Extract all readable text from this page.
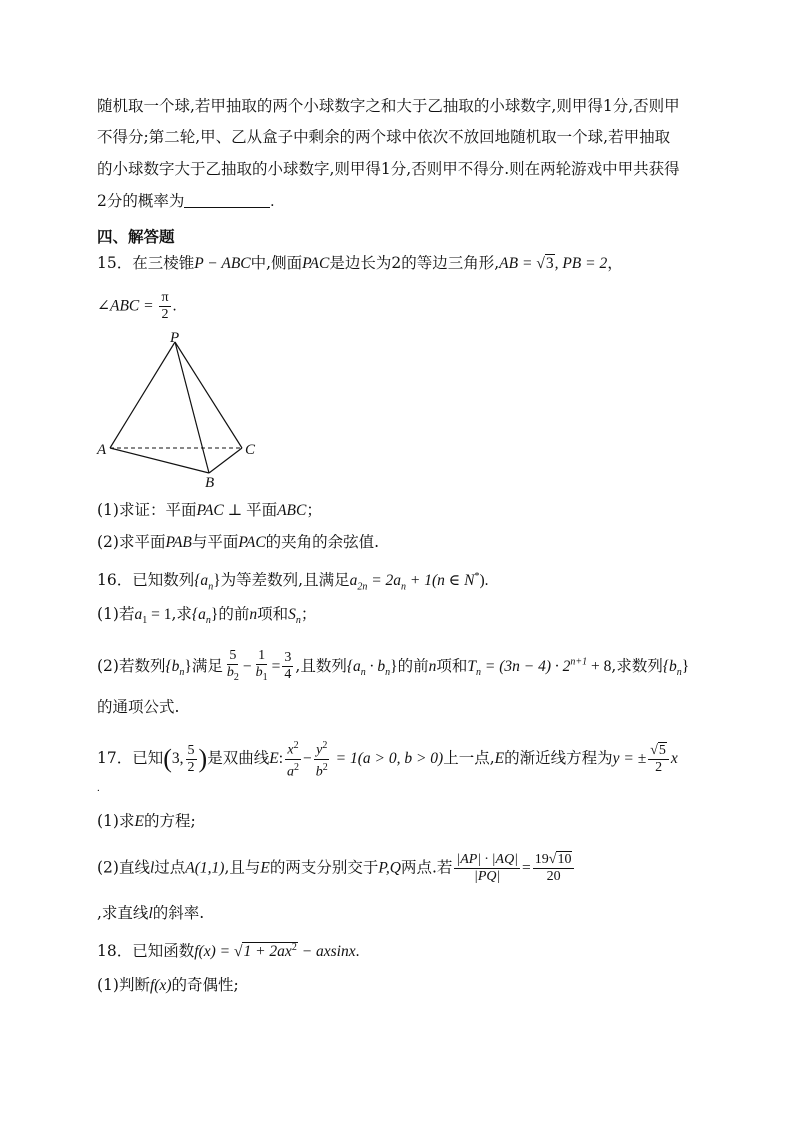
随机取一个球,若甲抽取的两个小球数字之和大于乙抽取的小球数字,则甲得1分,否则甲
不得分;第二轮,甲、乙从盒子中剩余的两个球中依次不放回地随机取一个球,若甲抽取
的小球数字大于乙抽取的小球数字,则甲得1分,否则甲不得分.则在两轮游戏中甲共获得
2分的概率为	.
四、解答题
15．在三棱锥P − ABC中,侧面PAC是边长为2的等边三角形,AB = √3, PB = 2，
∠ABC = $\frac{\pi}{2}$ .
P
A
B
C
(1)求证：平面PAC ⊥ 平面ABC；
(2)求平面PAB与平面PAC的夹角的余弦值.
16．已知数列$\{a_n\}$为等差数列,且满足$a_{2n} = 2a_n + 1(n$ ∈ N*).
(1)若$a_1 = 1$,求$\{a_n\}$的前n项和$S_n$；
(2)若数列$\{b_n\}$满足 $\frac{5}{b_2} - \frac{1}{b_1} = \frac{3}{4}$ ,且数列$\{a_n \cdot b_n\}$的前n项和$T_n = (3n - 4) \cdot 2^{n+1} + 8$,求数列$\{b_n\}$
的通项公式.
17．已知(3, $\frac{5}{2}$ )是双曲线E: $\frac{x^2}{a^2} - \frac{y^2}{b^2} = 1(a > 0$, b > 0)上一点,E的渐近线方程为y = ± $\frac{√5}{2}$ x
.
(1)求E的方程;
(2)直线l过点A(1,1),且与E的两支分别交于P,Q两点.若 $\frac{|AP| \cdot |AQ|}{|PQ|} = \frac{19√10}{20}$
,求直线l的斜率.
18．已知函数$f(x) = √1 + 2ax^2 - axsinx$.
(1)判断f(x)的奇偶性;
